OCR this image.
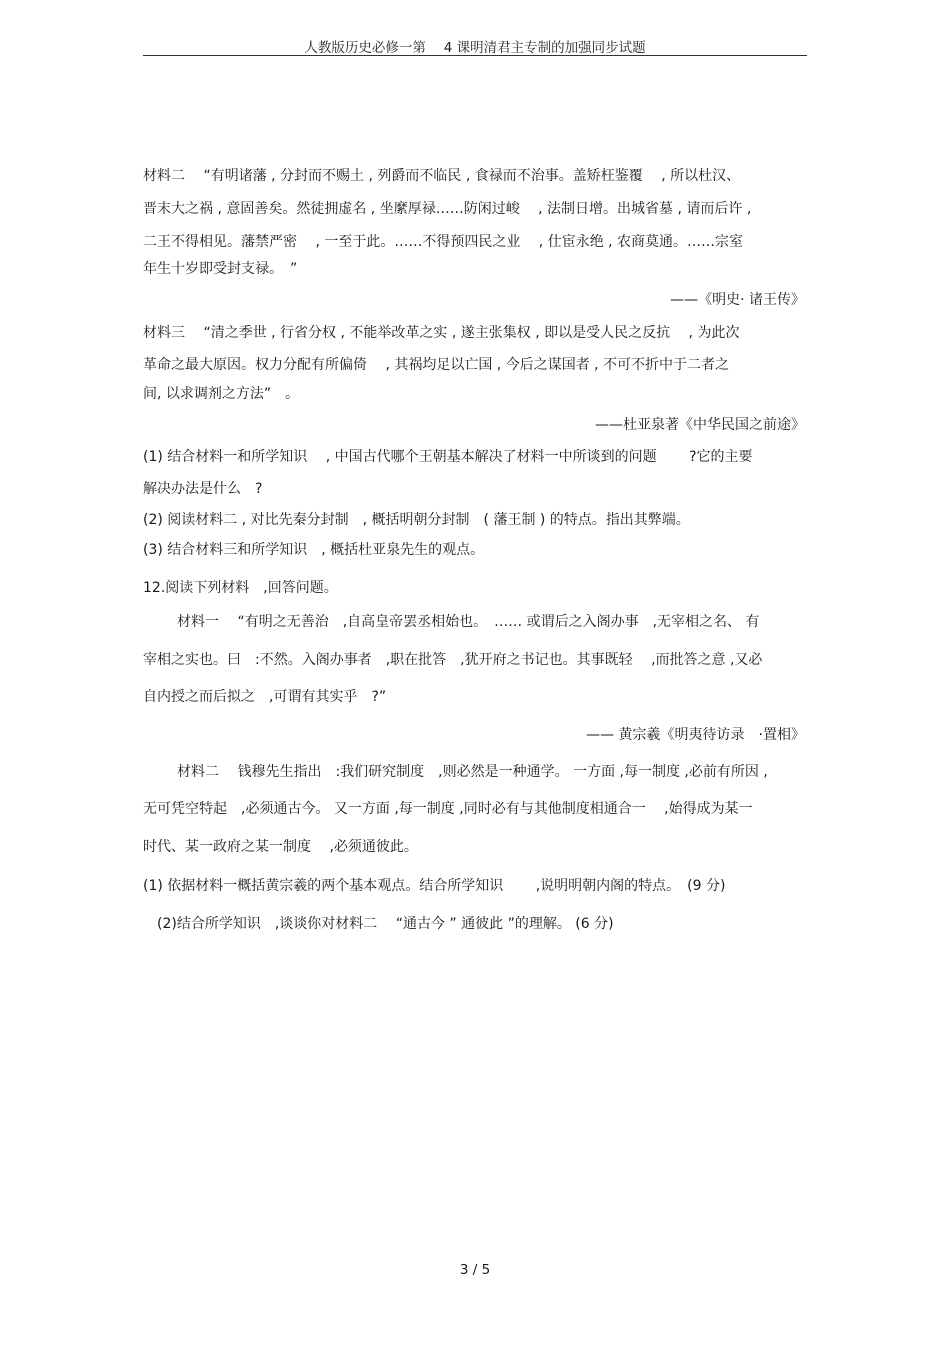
人教版历史必修一第　 4 课明清君主专制的加强同步试题
材料二　 “有明诸藩 , 分封而不赐土 , 列爵而不临民 , 食禄而不治事。盖矫枉鉴覆　 , 所以杜汉、
晋末大之祸 , 意固善矣。然徒拥虚名 , 坐縻厚禄……防闲过峻　 , 法制日增。出城省墓 , 请而后许 ,
二王不得相见。藩禁严密　 , 一至于此。……不得预四民之业　 , 仕宦永绝 , 农商莫通。……宗室
年生十岁即受封支禄。　”
——《明史· 诸王传》
材料三　 “清之季世 , 行省分权 , 不能举改革之实 , 遂主张集权 , 即以是受人民之反抗　 , 为此次
革命之最大原因。权力分配有所偏倚　 , 其祸均足以亡国 , 今后之谋国者 , 不可不折中于二者之
间, 以求调剂之方法”　。
——杜亚泉著《中华民国之前途》
(1) 结合材料一和所学知识　 , 中国古代哪个王朝基本解决了材料一中所谈到的问题　　 ?它的主要
解决办法是什么　?
(2) 阅读材料二 , 对比先秦分封制　, 概括明朝分封制　( 藩王制 ) 的特点。指出其弊端。
(3) 结合材料三和所学知识　, 概括杜亚泉先生的观点。
12.阅读下列材料　,回答问题。
材料一　 “有明之无善治　,自高皇帝罢丞相始也。　…… 或谓后之入阁办事　,无宰相之名、 有
宰相之实也。曰　:不然。入阁办事者　,职在批答　,犹开府之书记也。其事既轻　 ,而批答之意 ,又必
自内授之而后拟之　,可谓有其实乎　?”
—— 黄宗羲《明夷待访录　·置相》
材料二　 钱穆先生指出　:我们研究制度　,则必然是一种通学。 一方面 ,每一制度 ,必前有所因 ,
无可凭空特起　,必须通古今。 又一方面 ,每一制度 ,同时必有与其他制度相通合一　 ,始得成为某一
时代、某一政府之某一制度　 ,必须通彼此。
(1) 依据材料一概括黄宗羲的两个基本观点。结合所学知识　　 ,说明明朝内阁的特点。　(9 分)
　(2)结合所学知识　,谈谈你对材料二　 “通古今 ” 通彼此 ”的理解。 (6 分)
3 / 5
